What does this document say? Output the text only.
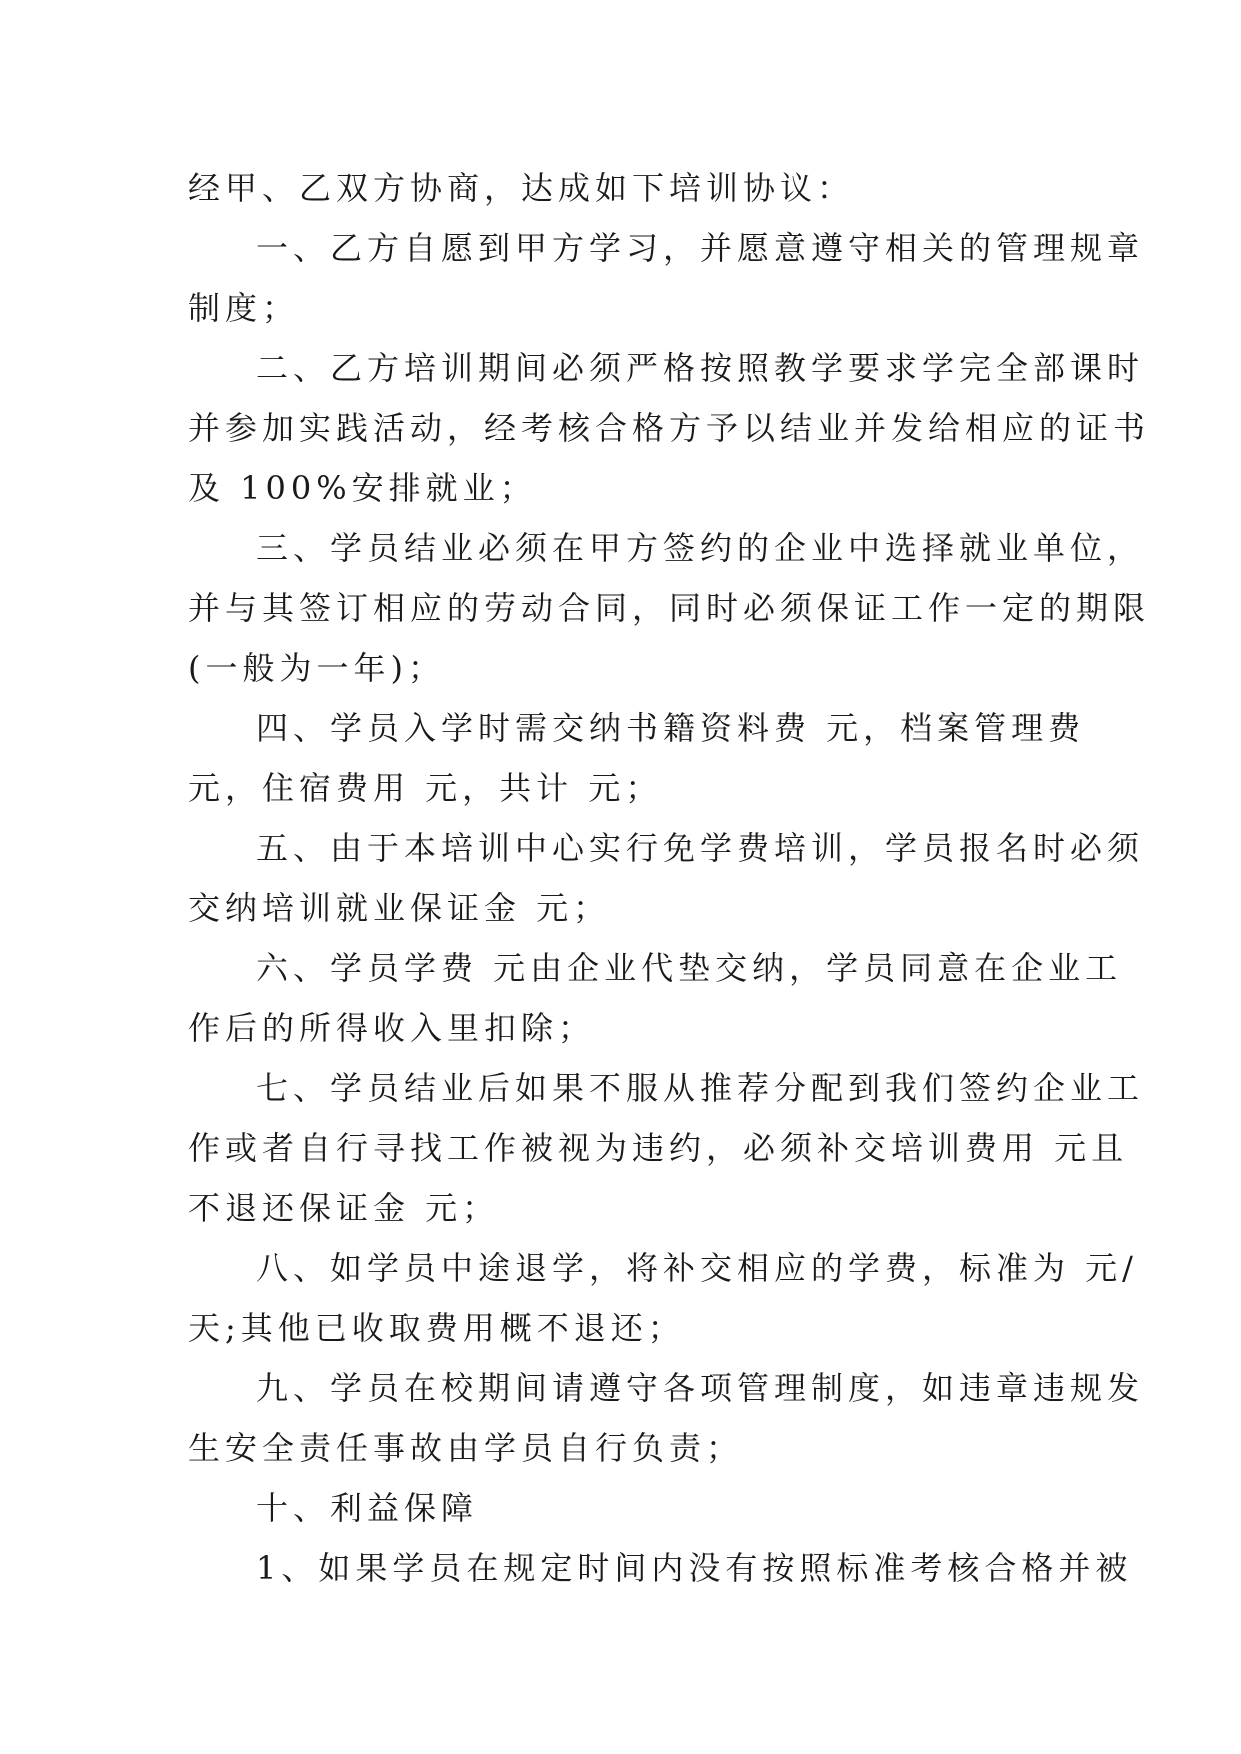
经甲、乙双方协商，达成如下培训协议：
一、乙方自愿到甲方学习，并愿意遵守相关的管理规章
制度；
二、乙方培训期间必须严格按照教学要求学完全部课时
并参加实践活动，经考核合格方予以结业并发给相应的证书
及 100%安排就业；
三、学员结业必须在甲方签约的企业中选择就业单位，
并与其签订相应的劳动合同，同时必须保证工作一定的期限
(一般为一年)；
四、学员入学时需交纳书籍资料费 元，档案管理费
元，住宿费用 元，共计 元；
五、由于本培训中心实行免学费培训，学员报名时必须
交纳培训就业保证金 元；
六、学员学费 元由企业代垫交纳，学员同意在企业工
作后的所得收入里扣除；
七、学员结业后如果不服从推荐分配到我们签约企业工
作或者自行寻找工作被视为违约，必须补交培训费用 元且
不退还保证金 元；
八、如学员中途退学，将补交相应的学费，标准为 元/
天;其他已收取费用概不退还；
九、学员在校期间请遵守各项管理制度，如违章违规发
生安全责任事故由学员自行负责；
十、利益保障
1、如果学员在规定时间内没有按照标准考核合格并被
